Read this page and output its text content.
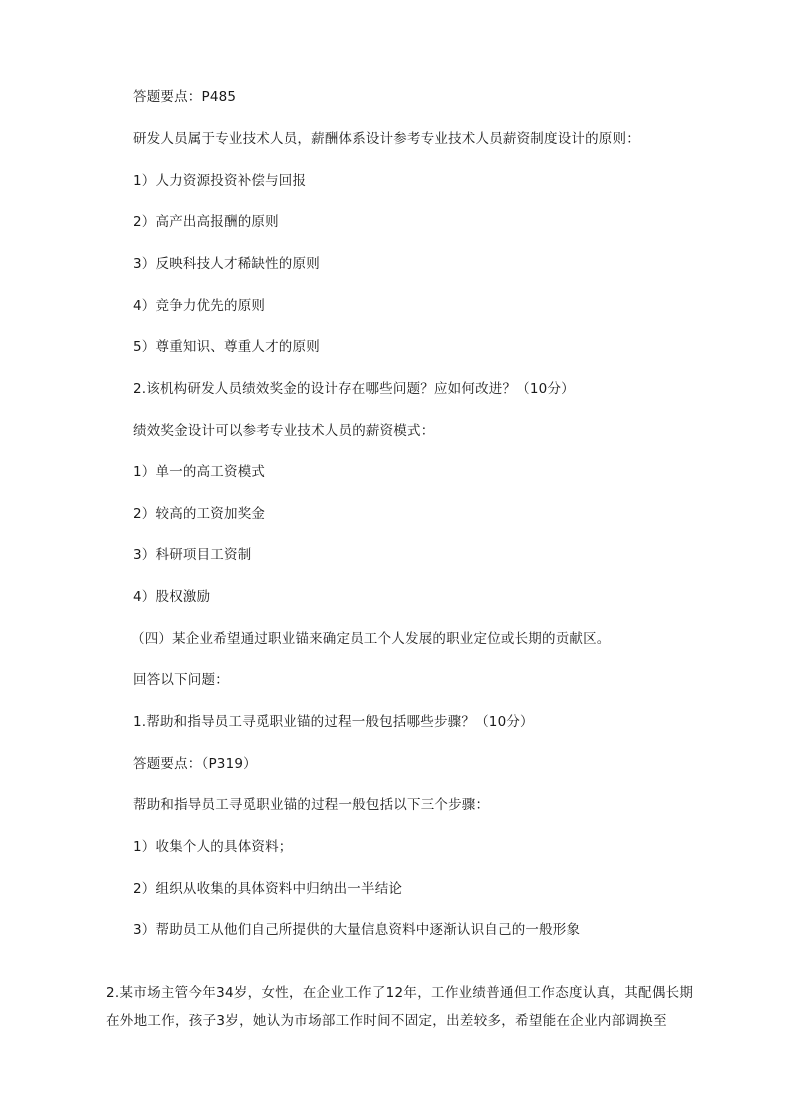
答题要点：P485
研发人员属于专业技术人员，薪酬体系设计参考专业技术人员薪资制度设计的原则：
1）人力资源投资补偿与回报
2）高产出高报酬的原则
3）反映科技人才稀缺性的原则
4）竞争力优先的原则
5）尊重知识、尊重人才的原则
2.该机构研发人员绩效奖金的设计存在哪些问题？应如何改进？（10分）
绩效奖金设计可以参考专业技术人员的薪资模式：
1）单一的高工资模式
2）较高的工资加奖金
3）科研项目工资制
4）股权激励
（四）某企业希望通过职业锚来确定员工个人发展的职业定位或长期的贡献区。
回答以下问题：
1.帮助和指导员工寻觅职业锚的过程一般包括哪些步骤？（10分）
答题要点：（P319）
帮助和指导员工寻觅职业锚的过程一般包括以下三个步骤：
1）收集个人的具体资料；
2）组织从收集的具体资料中归纳出一半结论
3）帮助员工从他们自己所提供的大量信息资料中逐渐认识自己的一般形象
2.某市场主管今年34岁，女性，在企业工作了12年，工作业绩普通但工作态度认真，其配偶长期在外地工作，孩子3岁，她认为市场部工作时间不固定，出差较多，希望能在企业内部调换至
